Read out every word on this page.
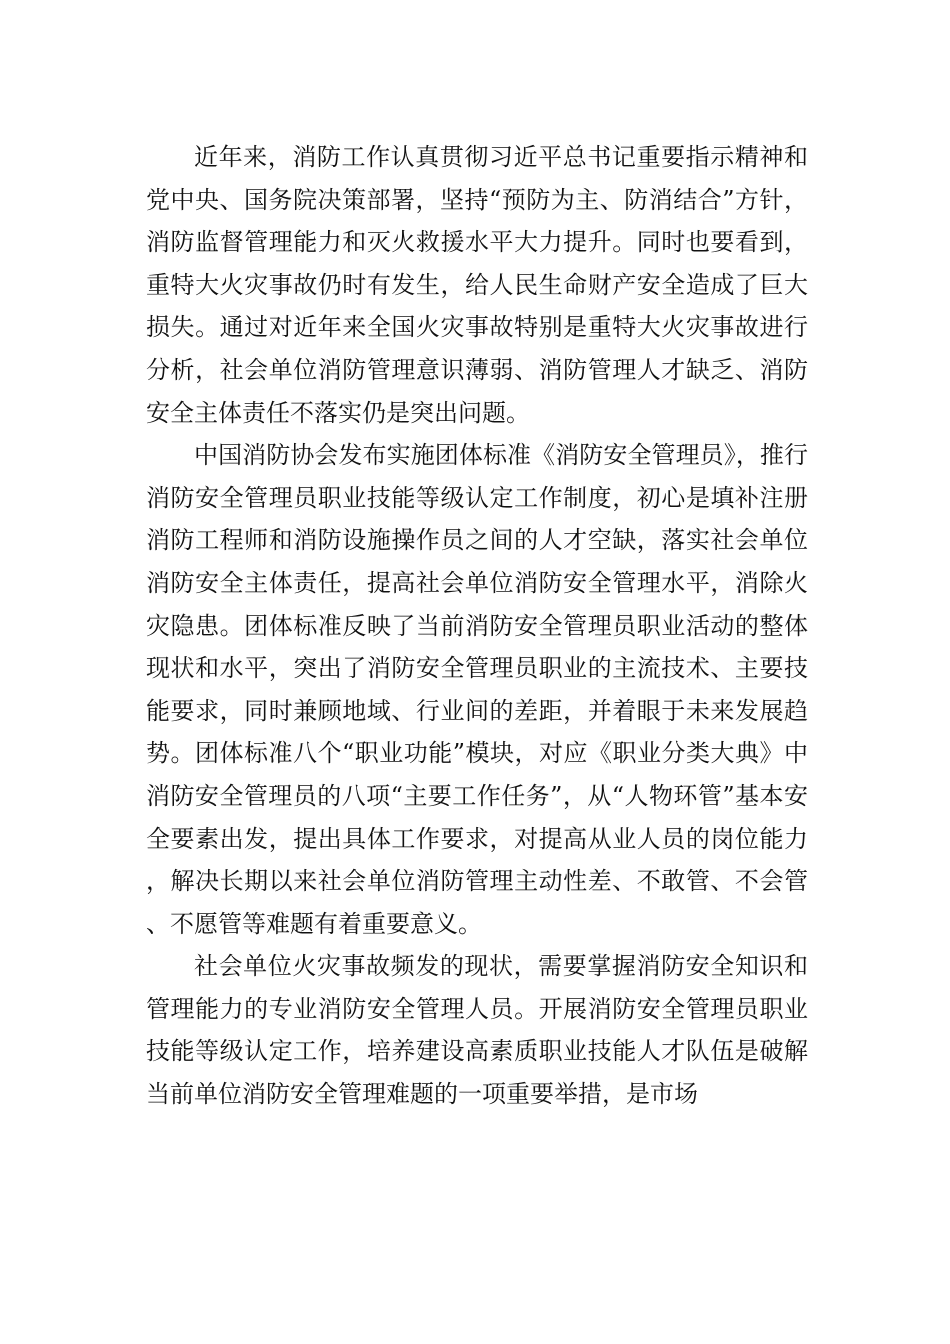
近年来，消防工作认真贯彻习近平总书记重要指示精神和党中央、国务院决策部署，坚持“预防为主、防消结合”方针，消防监督管理能力和灭火救援水平大力提升。同时也要看到，重特大火灾事故仍时有发生，给人民生命财产安全造成了巨大损失。通过对近年来全国火灾事故特别是重特大火灾事故进行分析，社会单位消防管理意识薄弱、消防管理人才缺乏、消防安全主体责任不落实仍是突出问题。

中国消防协会发布实施团体标准《消防安全管理员》，推行消防安全管理员职业技能等级认定工作制度，初心是填补注册消防工程师和消防设施操作员之间的人才空缺，落实社会单位消防安全主体责任，提高社会单位消防安全管理水平，消除火灾隐患。团体标准反映了当前消防安全管理员职业活动的整体现状和水平，突出了消防安全管理员职业的主流技术、主要技能要求，同时兼顾地域、行业间的差距，并着眼于未来发展趋势。团体标准八个“职业功能”模块，对应《职业分类大典》中消防安全管理员的八项“主要工作任务”，从“人物环管”基本安全要素出发，提出具体工作要求，对提高从业人员的岗位能力，解决长期以来社会单位消防管理主动性差、不敢管、不会管、不愿管等难题有着重要意义。

社会单位火灾事故频发的现状，需要掌握消防安全知识和管理能力的专业消防安全管理人员。开展消防安全管理员职业技能等级认定工作，培养建设高素质职业技能人才队伍是破解当前单位消防安全管理难题的一项重要举措，是市场
